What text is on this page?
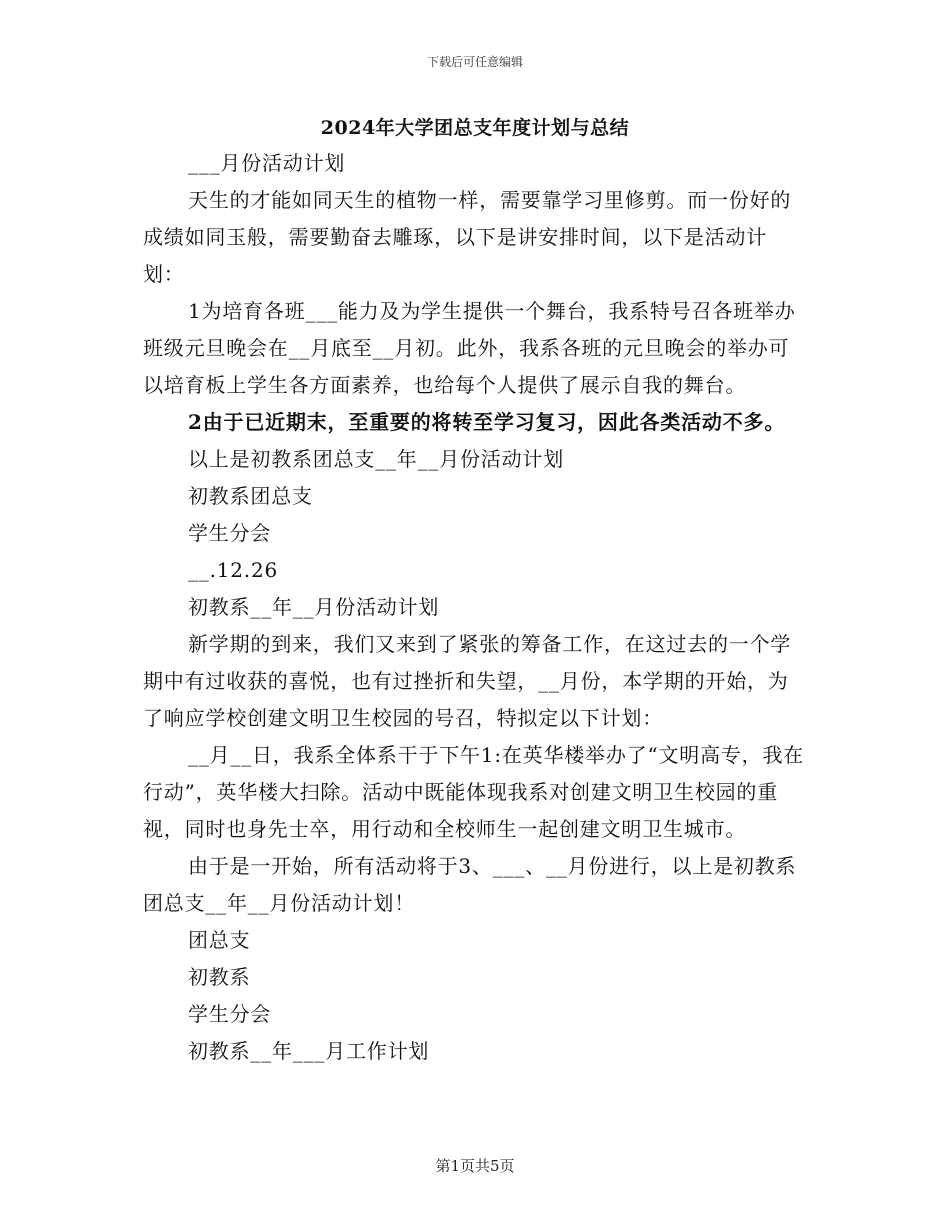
下载后可任意编辑
2024年大学团总支年度计划与总结

___月份活动计划

天生的才能如同天生的植物一样，需要靠学习里修剪。而一份好的成绩如同玉般，需要勤奋去雕琢，以下是讲安排时间，以下是活动计划：

1为培育各班___能力及为学生提供一个舞台，我系特号召各班举办班级元旦晚会在__月底至__月初。此外，我系各班的元旦晚会的举办可以培育板上学生各方面素养，也给每个人提供了展示自我的舞台。

2由于已近期末，至重要的将转至学习复习，因此各类活动不多。

以上是初教系团总支__年__月份活动计划

初教系团总支

学生分会

__.12.26

初教系__年__月份活动计划

新学期的到来，我们又来到了紧张的筹备工作，在这过去的一个学期中有过收获的喜悦，也有过挫折和失望，__月份，本学期的开始，为了响应学校创建文明卫生校园的号召，特拟定以下计划：

__月__日，我系全体系干于下午1:在英华楼举办了“文明高专，我在行动”，英华楼大扫除。活动中既能体现我系对创建文明卫生校园的重视，同时也身先士卒，用行动和全校师生一起创建文明卫生城市。

由于是一开始，所有活动将于3、___、__月份进行，以上是初教系团总支__年__月份活动计划！

团总支

初教系

学生分会

初教系__年___月工作计划

第1页共5页
